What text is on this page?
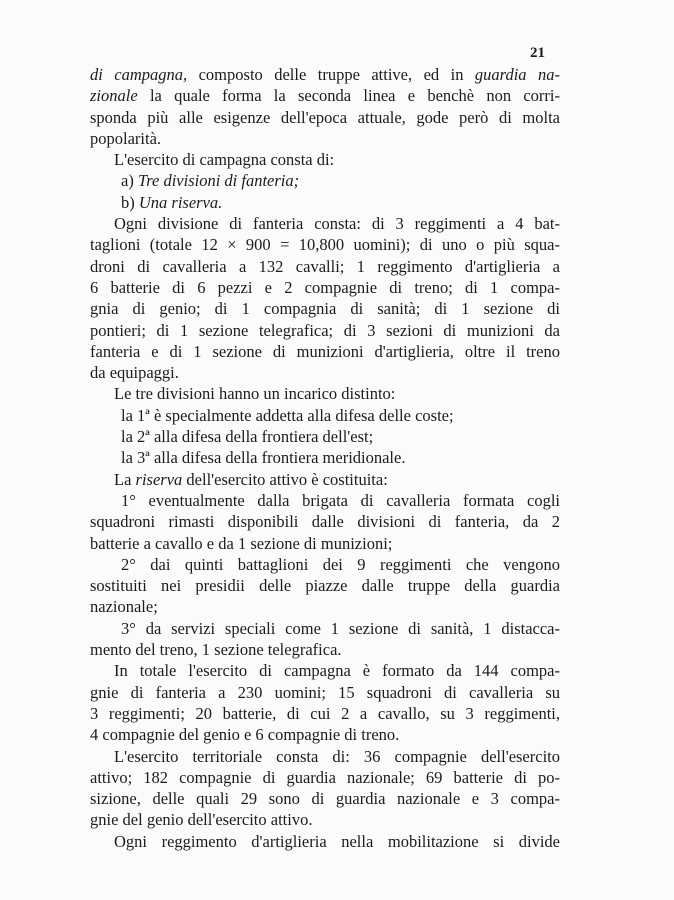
21
di campagna, composto delle truppe attive, ed in guardia na-
zionale la quale forma la seconda linea e benchè non corri-
sponda più alle esigenze dell'epoca attuale, gode però di molta
popolarità.
L'esercito di campagna consta di:
a) Tre divisioni di fanteria;
b) Una riserva.
Ogni divisione di fanteria consta: di 3 reggimenti a 4 bat-
taglioni (totale 12 × 900 = 10,800 uomini); di uno o più squa-
droni di cavalleria a 132 cavalli; 1 reggimento d'artiglieria a
6 batterie di 6 pezzi e 2 compagnie di treno; di 1 compa-
gnia di genio; di 1 compagnia di sanità; di 1 sezione di
pontieri; di 1 sezione telegrafica; di 3 sezioni di munizioni da
fanteria e di 1 sezione di munizioni d'artiglieria, oltre il treno
da equipaggi.
Le tre divisioni hanno un incarico distinto:
la 1ª è specialmente addetta alla difesa delle coste;
la 2ª alla difesa della frontiera dell'est;
la 3ª alla difesa della frontiera meridionale.
La riserva dell'esercito attivo è costituita:
1° eventualmente dalla brigata di cavalleria formata cogli
squadroni rimasti disponibili dalle divisioni di fanteria, da 2
batterie a cavallo e da 1 sezione di munizioni;
2° dai quinti battaglioni dei 9 reggimenti che vengono
sostituiti nei presidii delle piazze dalle truppe della guardia
nazionale;
3° da servizi speciali come 1 sezione di sanità, 1 distacca-
mento del treno, 1 sezione telegrafica.
In totale l'esercito di campagna è formato da 144 compa-
gnie di fanteria a 230 uomini; 15 squadroni di cavalleria su
3 reggimenti; 20 batterie, di cui 2 a cavallo, su 3 reggimenti,
4 compagnie del genio e 6 compagnie di treno.
L'esercito territoriale consta di: 36 compagnie dell'esercito
attivo; 182 compagnie di guardia nazionale; 69 batterie di po-
sizione, delle quali 29 sono di guardia nazionale e 3 compa-
gnie del genio dell'esercito attivo.
Ogni reggimento d'artiglieria nella mobilitazione si divide
